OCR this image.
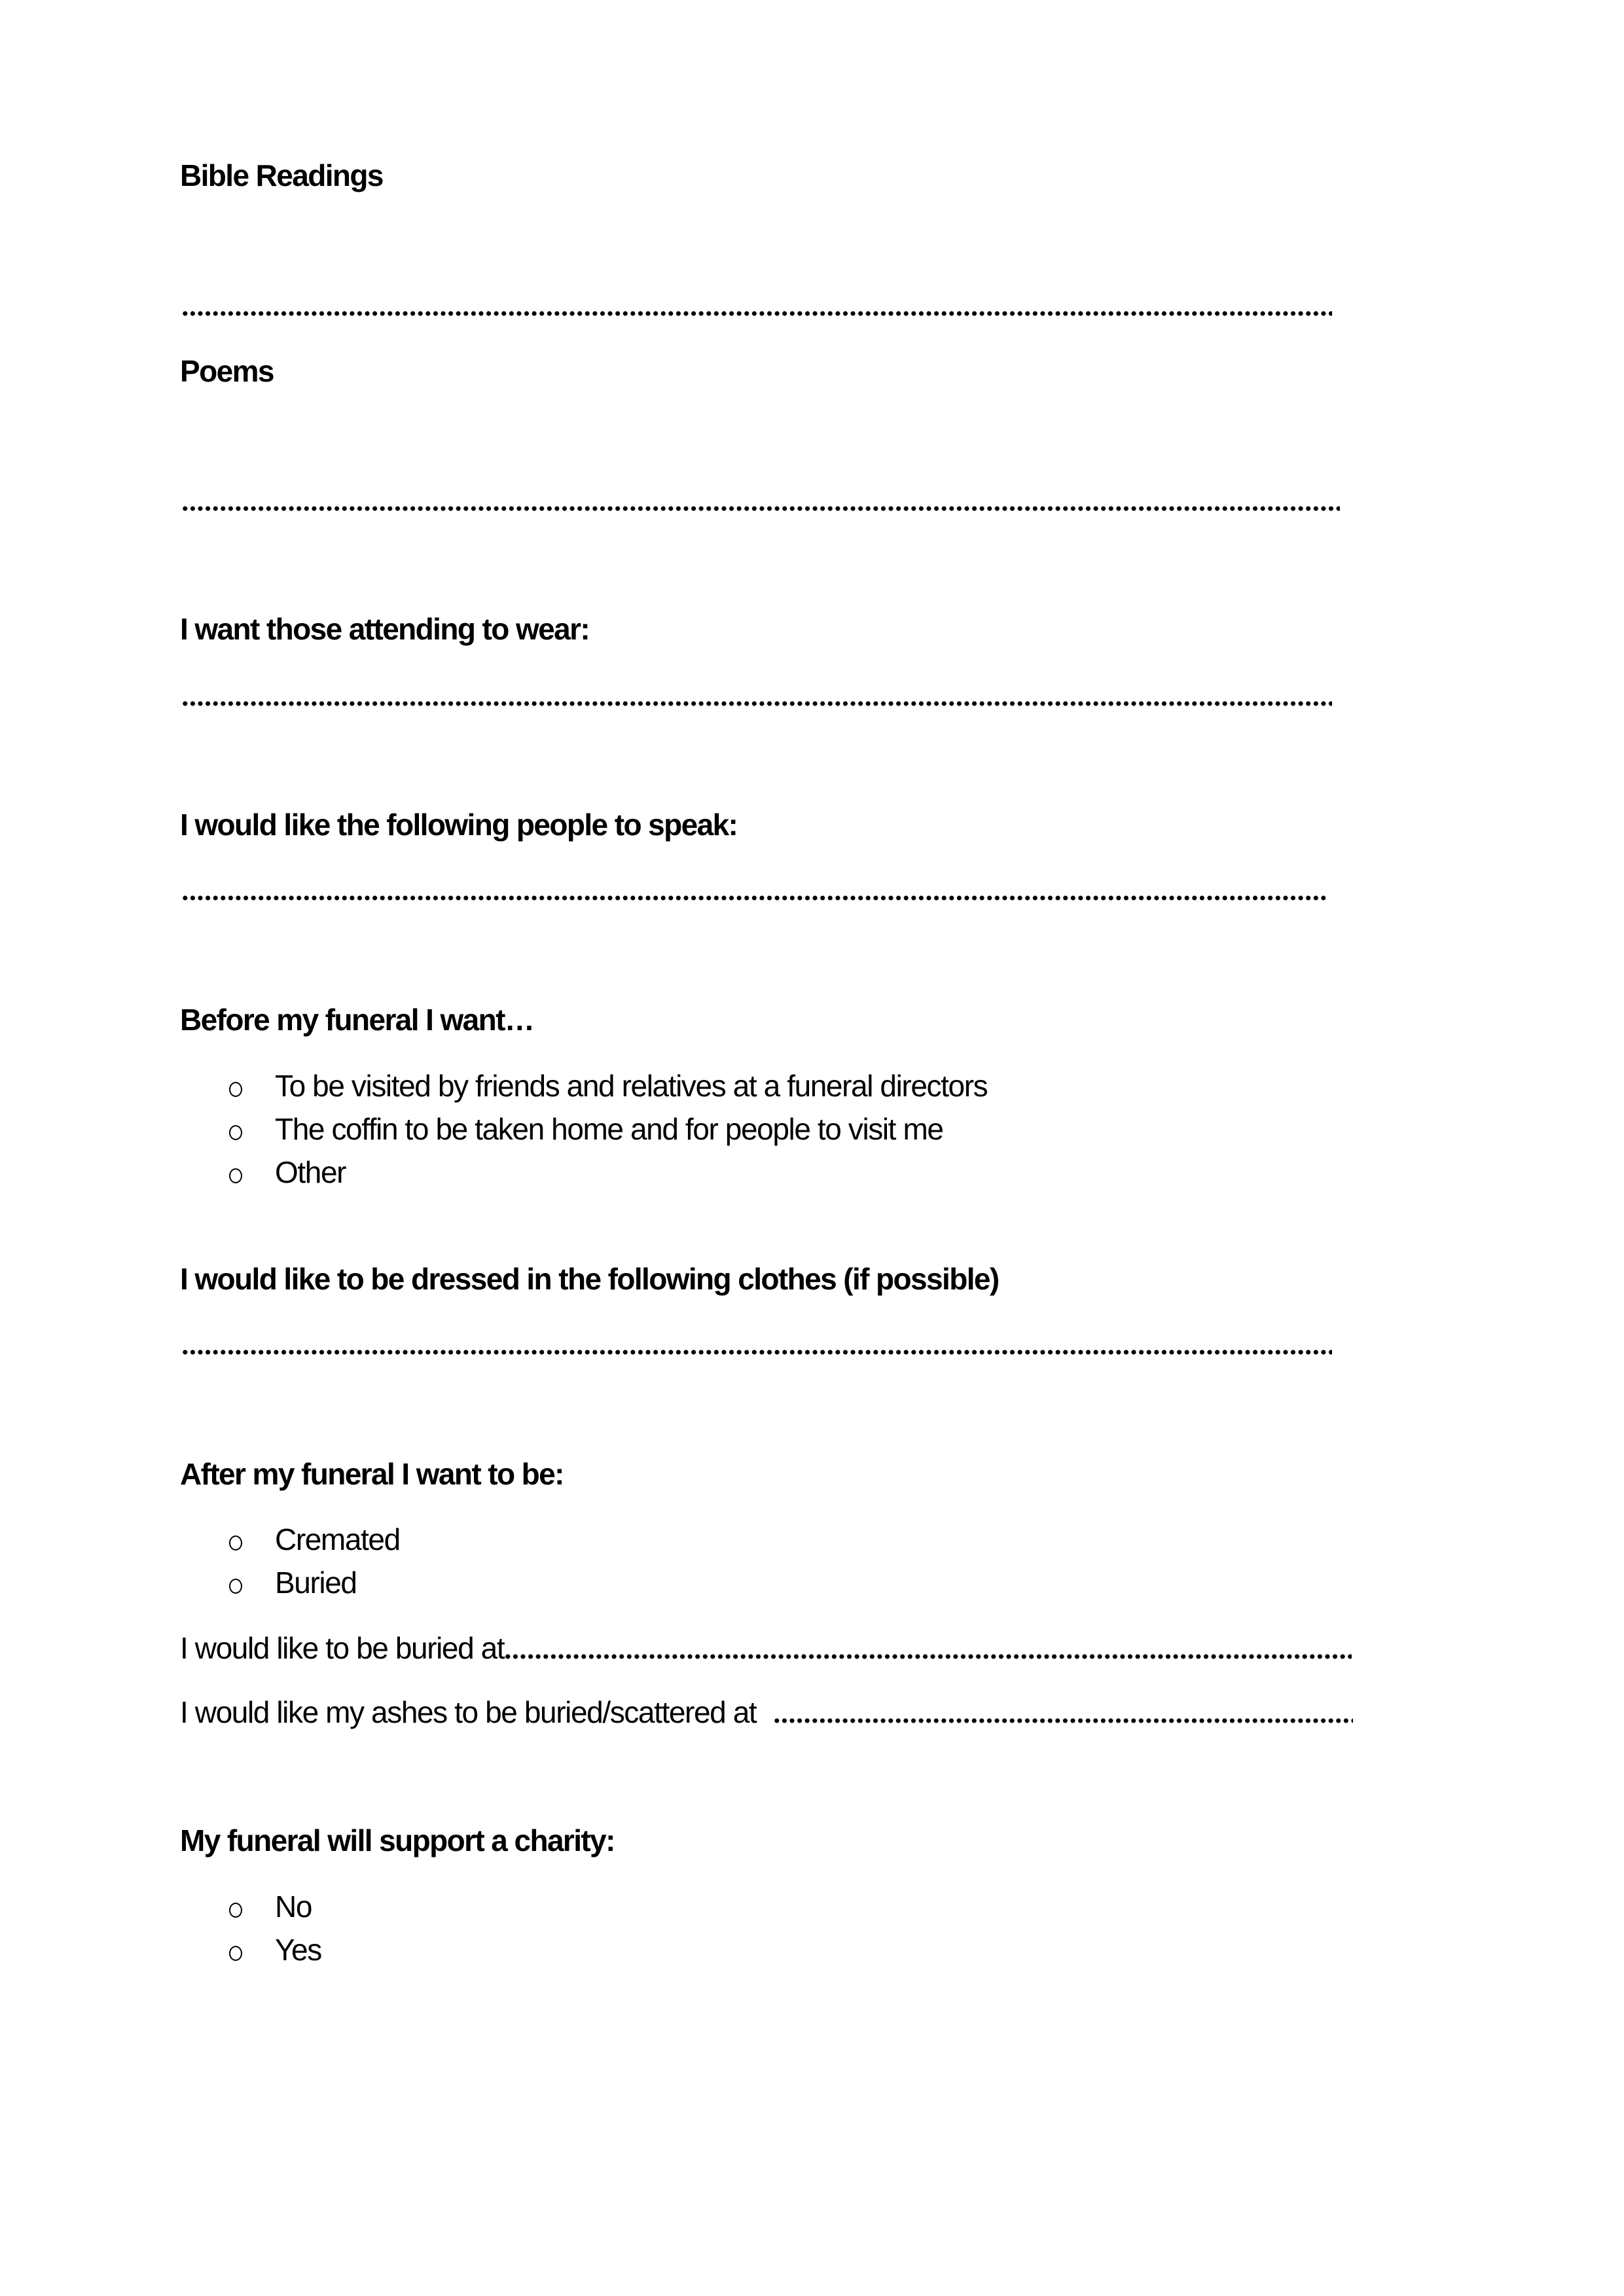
Bible Readings
Poems
I want those attending to wear:
I would like the following people to speak:
Before my funeral I want…
To be visited by friends and relatives at a funeral directors
The coffin to be taken home and for people to visit me
Other
I would like to be dressed in the following clothes (if possible)
After my funeral I want to be:
Cremated
Buried
I would like to be buried at
I would like my ashes to be buried/scattered at
My funeral will support a charity:
No
Yes
